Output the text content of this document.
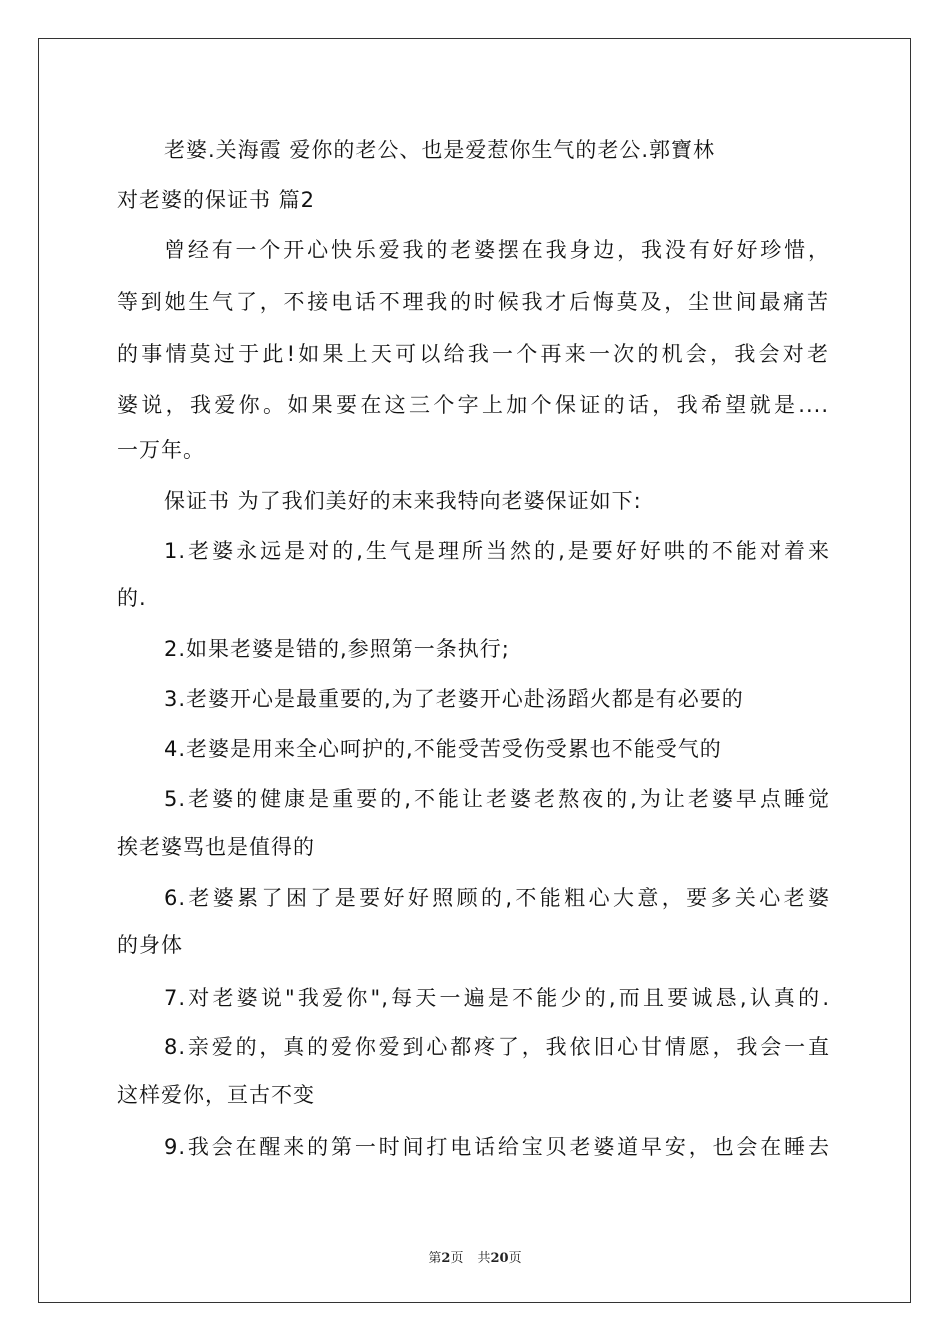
老婆.关海霞 爱你的老公、也是爱惹你生气的老公.郭寶林
对老婆的保证书 篇2
曾经有一个开心快乐爱我的老婆摆在我身边，我没有好好珍惜，
等到她生气了，不接电话不理我的时候我才后悔莫及，尘世间最痛苦
的事情莫过于此!如果上天可以给我一个再来一次的机会，我会对老
婆说，我爱你。如果要在这三个字上加个保证的话，我希望就是....
一万年。
保证书 为了我们美好的末来我特向老婆保证如下:
1.老婆永远是对的,生气是理所当然的,是要好好哄的不能对着来
的.
2.如果老婆是错的,参照第一条执行;
3.老婆开心是最重要的,为了老婆开心赴汤蹈火都是有必要的
4.老婆是用来全心呵护的,不能受苦受伤受累也不能受气的
5.老婆的健康是重要的,不能让老婆老熬夜的,为让老婆早点睡觉
挨老婆骂也是值得的
6.老婆累了困了是要好好照顾的,不能粗心大意，要多关心老婆
的身体
7.对老婆说"我爱你",每天一遍是不能少的,而且要诚恳,认真的.
8.亲爱的，真的爱你爱到心都疼了，我依旧心甘情愿，我会一直
这样爱你，亘古不变
9.我会在醒来的第一时间打电话给宝贝老婆道早安，也会在睡去
第2页 共20页
